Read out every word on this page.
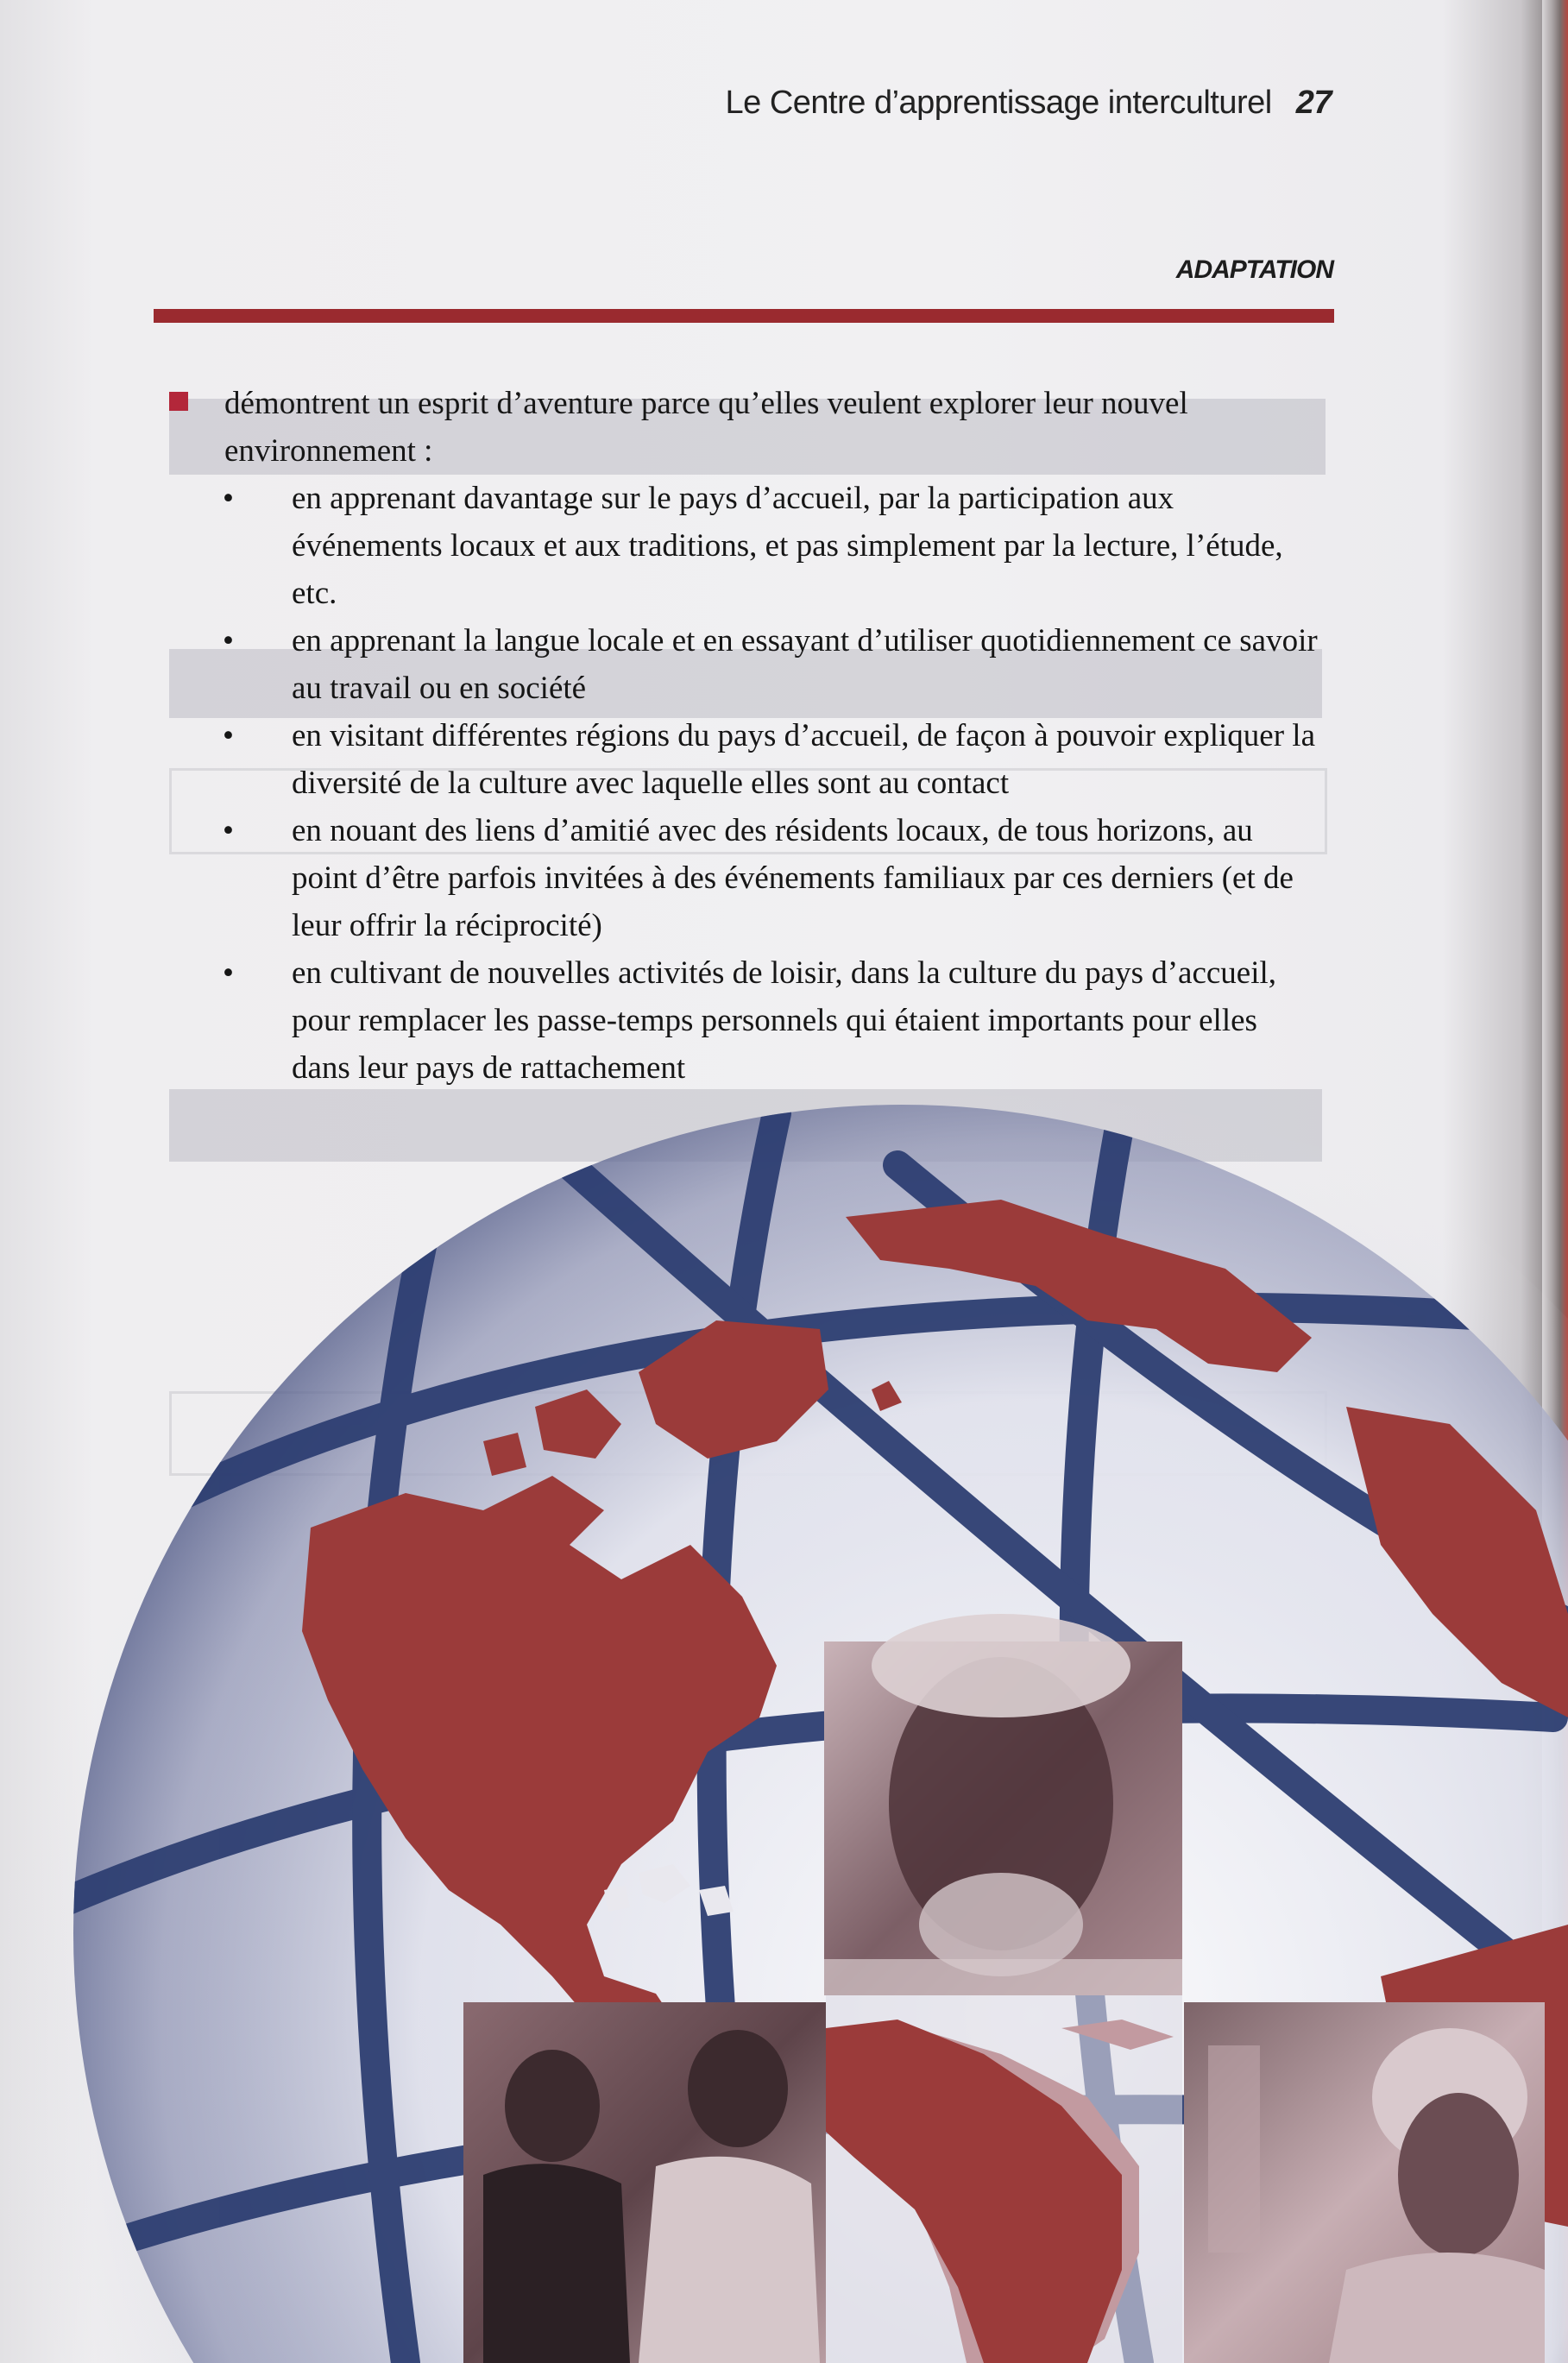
Le Centre d’apprentissage interculturel 27
ADAPTATION
démontrent un esprit d’aventure parce qu’elles veulent explorer leur nouvel environnement :
• en apprenant davantage sur le pays d’accueil, par la participation aux événements locaux et aux traditions, et pas simplement par la lecture, l’étude, etc.
• en apprenant la langue locale et en essayant d’utiliser quotidiennement ce savoir au travail ou en société
• en visitant différentes régions du pays d’accueil, de façon à pouvoir expliquer la diversité de la culture avec laquelle elles sont au contact
• en nouant des liens d’amitié avec des résidents locaux, de tous horizons, au point d’être parfois invitées à des événements familiaux par ces derniers (et de leur offrir la réciprocité)
• en cultivant de nouvelles activités de loisir, dans la culture du pays d’accueil, pour remplacer les passe-temps personnels qui étaient importants pour elles dans leur pays de rattachement
